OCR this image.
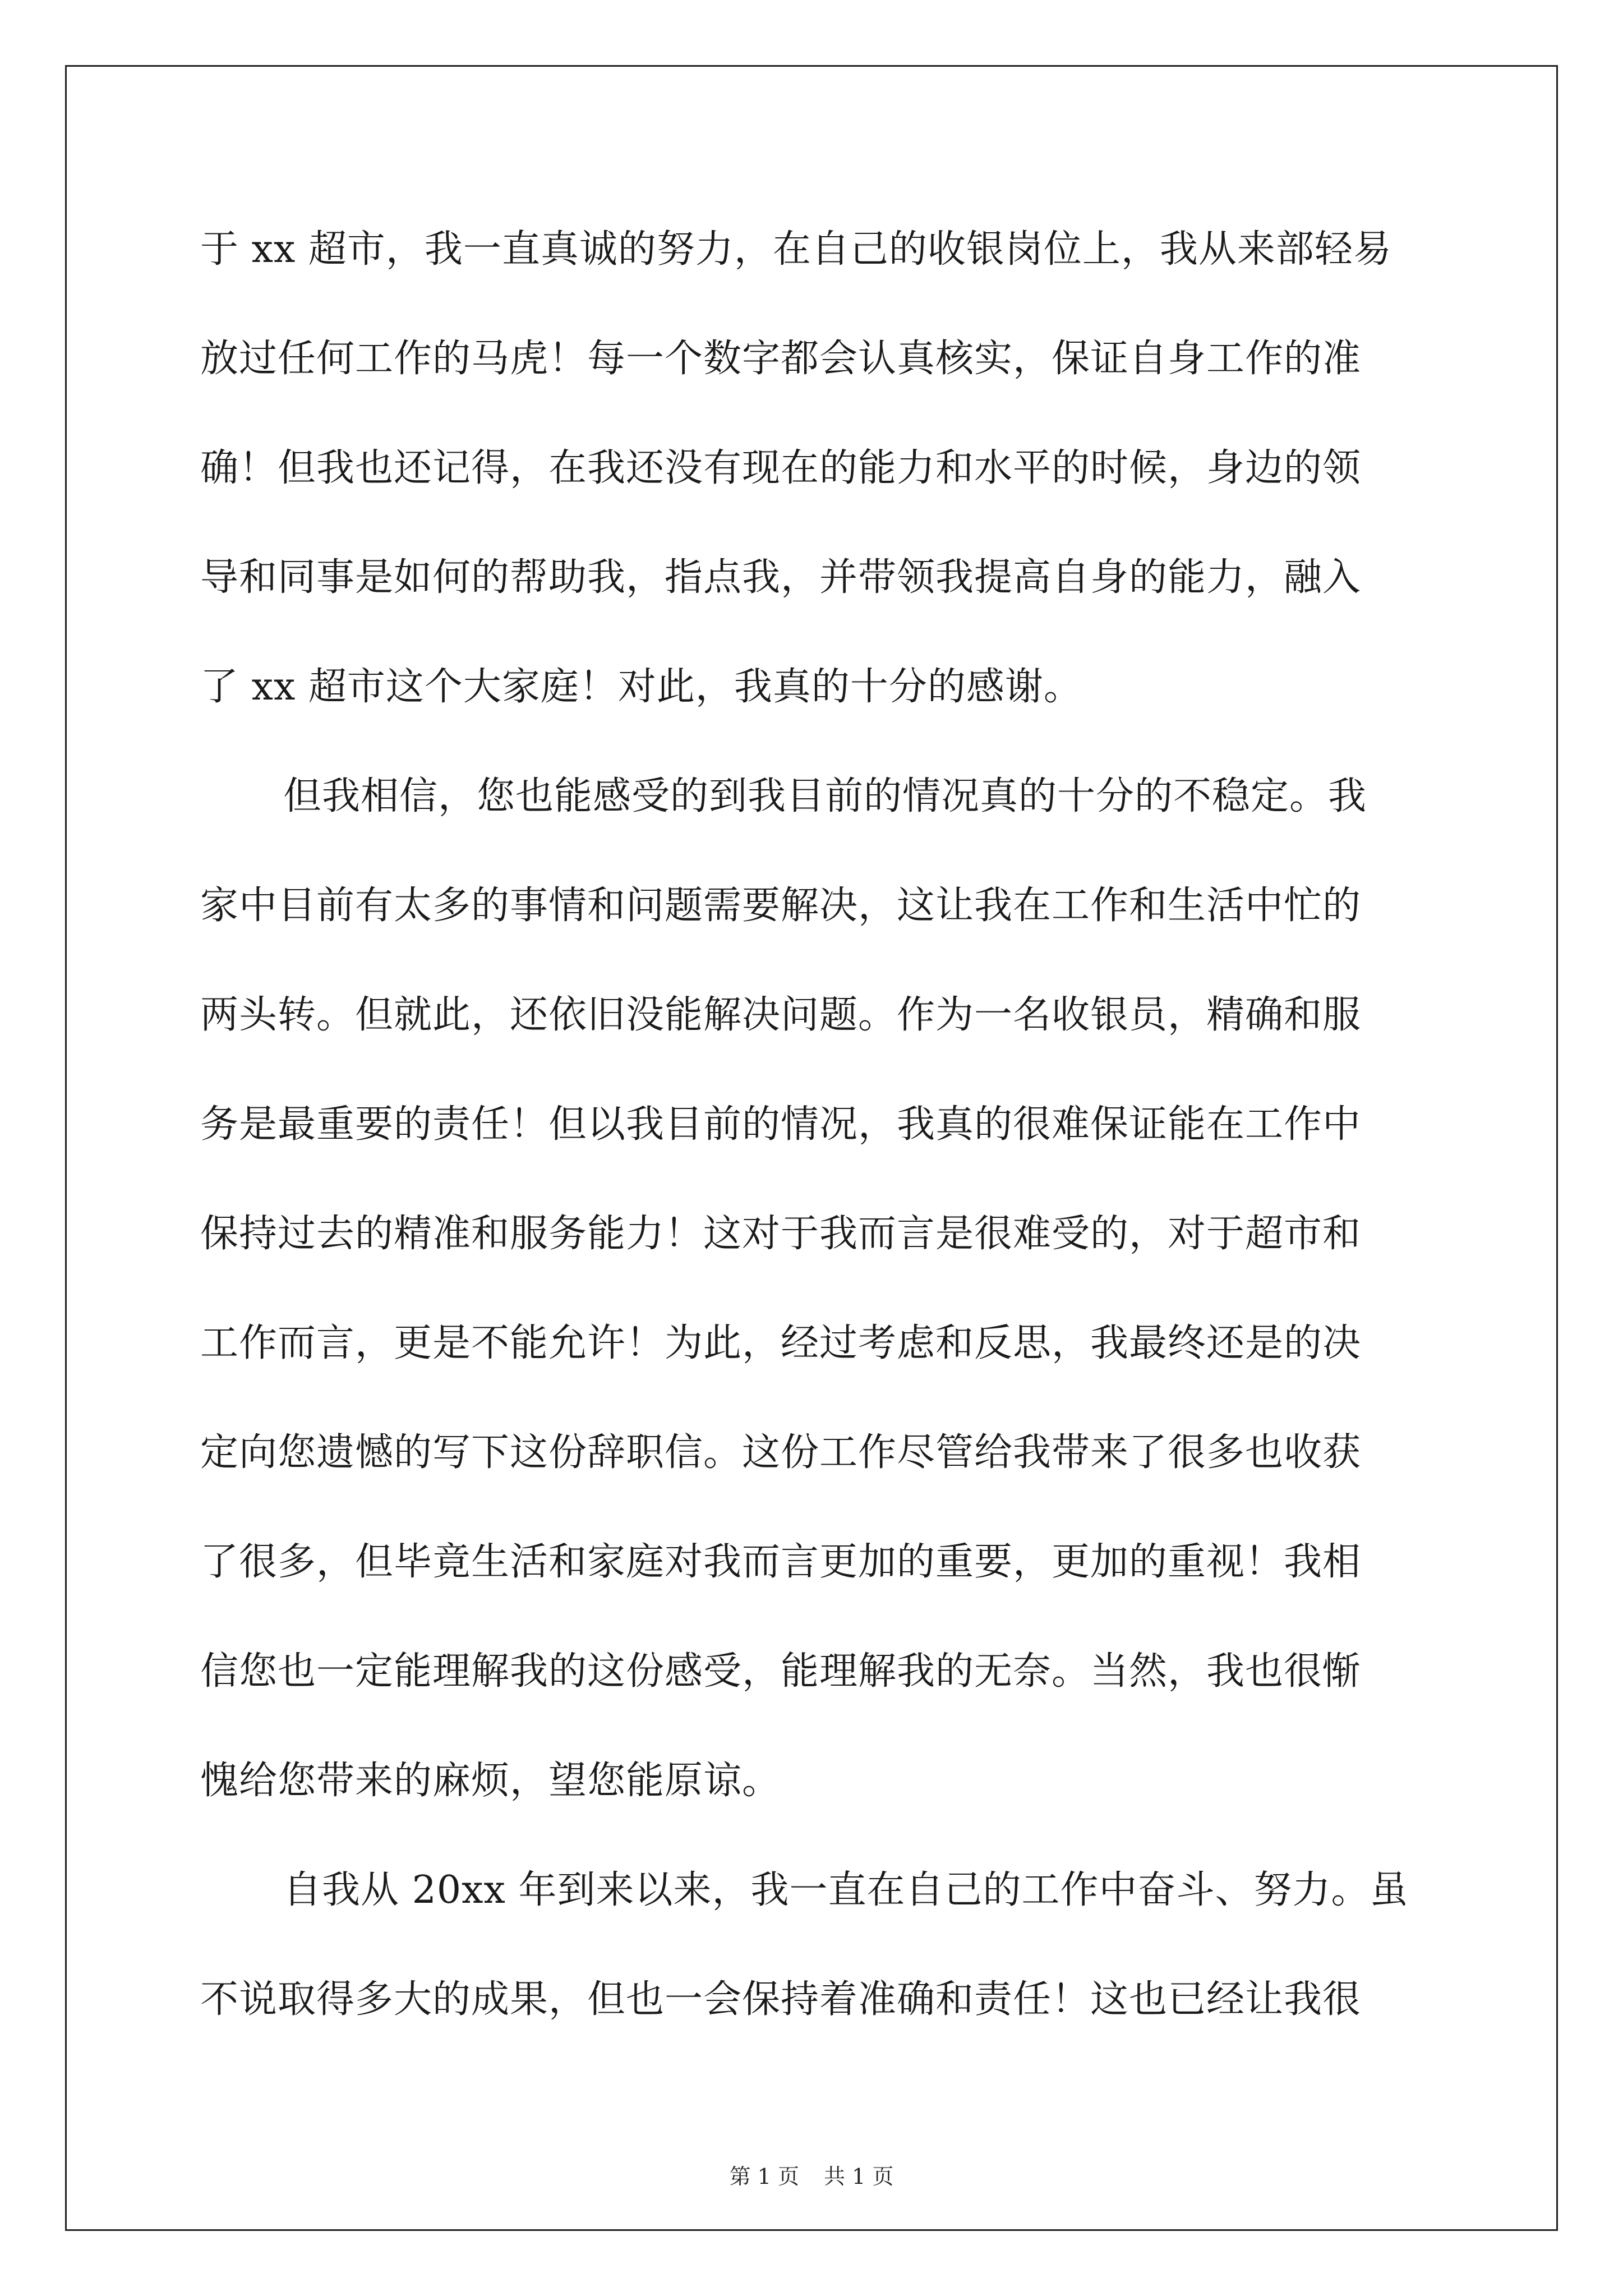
于 xx 超市，我一直真诚的努力，在自己的收银岗位上，我从来部轻易
放过任何工作的马虎！每一个数字都会认真核实，保证自身工作的准
确！但我也还记得，在我还没有现在的能力和水平的时候，身边的领
导和同事是如何的帮助我，指点我，并带领我提高自身的能力，融入
了 xx 超市这个大家庭！对此，我真的十分的感谢。
但我相信，您也能感受的到我目前的情况真的十分的不稳定。我
家中目前有太多的事情和问题需要解决，这让我在工作和生活中忙的
两头转。但就此，还依旧没能解决问题。作为一名收银员，精确和服
务是最重要的责任！但以我目前的情况，我真的很难保证能在工作中
保持过去的精准和服务能力！这对于我而言是很难受的，对于超市和
工作而言，更是不能允许！为此，经过考虑和反思，我最终还是的决
定向您遗憾的写下这份辞职信。这份工作尽管给我带来了很多也收获
了很多，但毕竟生活和家庭对我而言更加的重要，更加的重视！我相
信您也一定能理解我的这份感受，能理解我的无奈。当然，我也很惭
愧给您带来的麻烦，望您能原谅。
自我从 20xx 年到来以来，我一直在自己的工作中奋斗、努力。虽
不说取得多大的成果，但也一会保持着准确和责任！这也已经让我很
第 1 页 共 1 页
